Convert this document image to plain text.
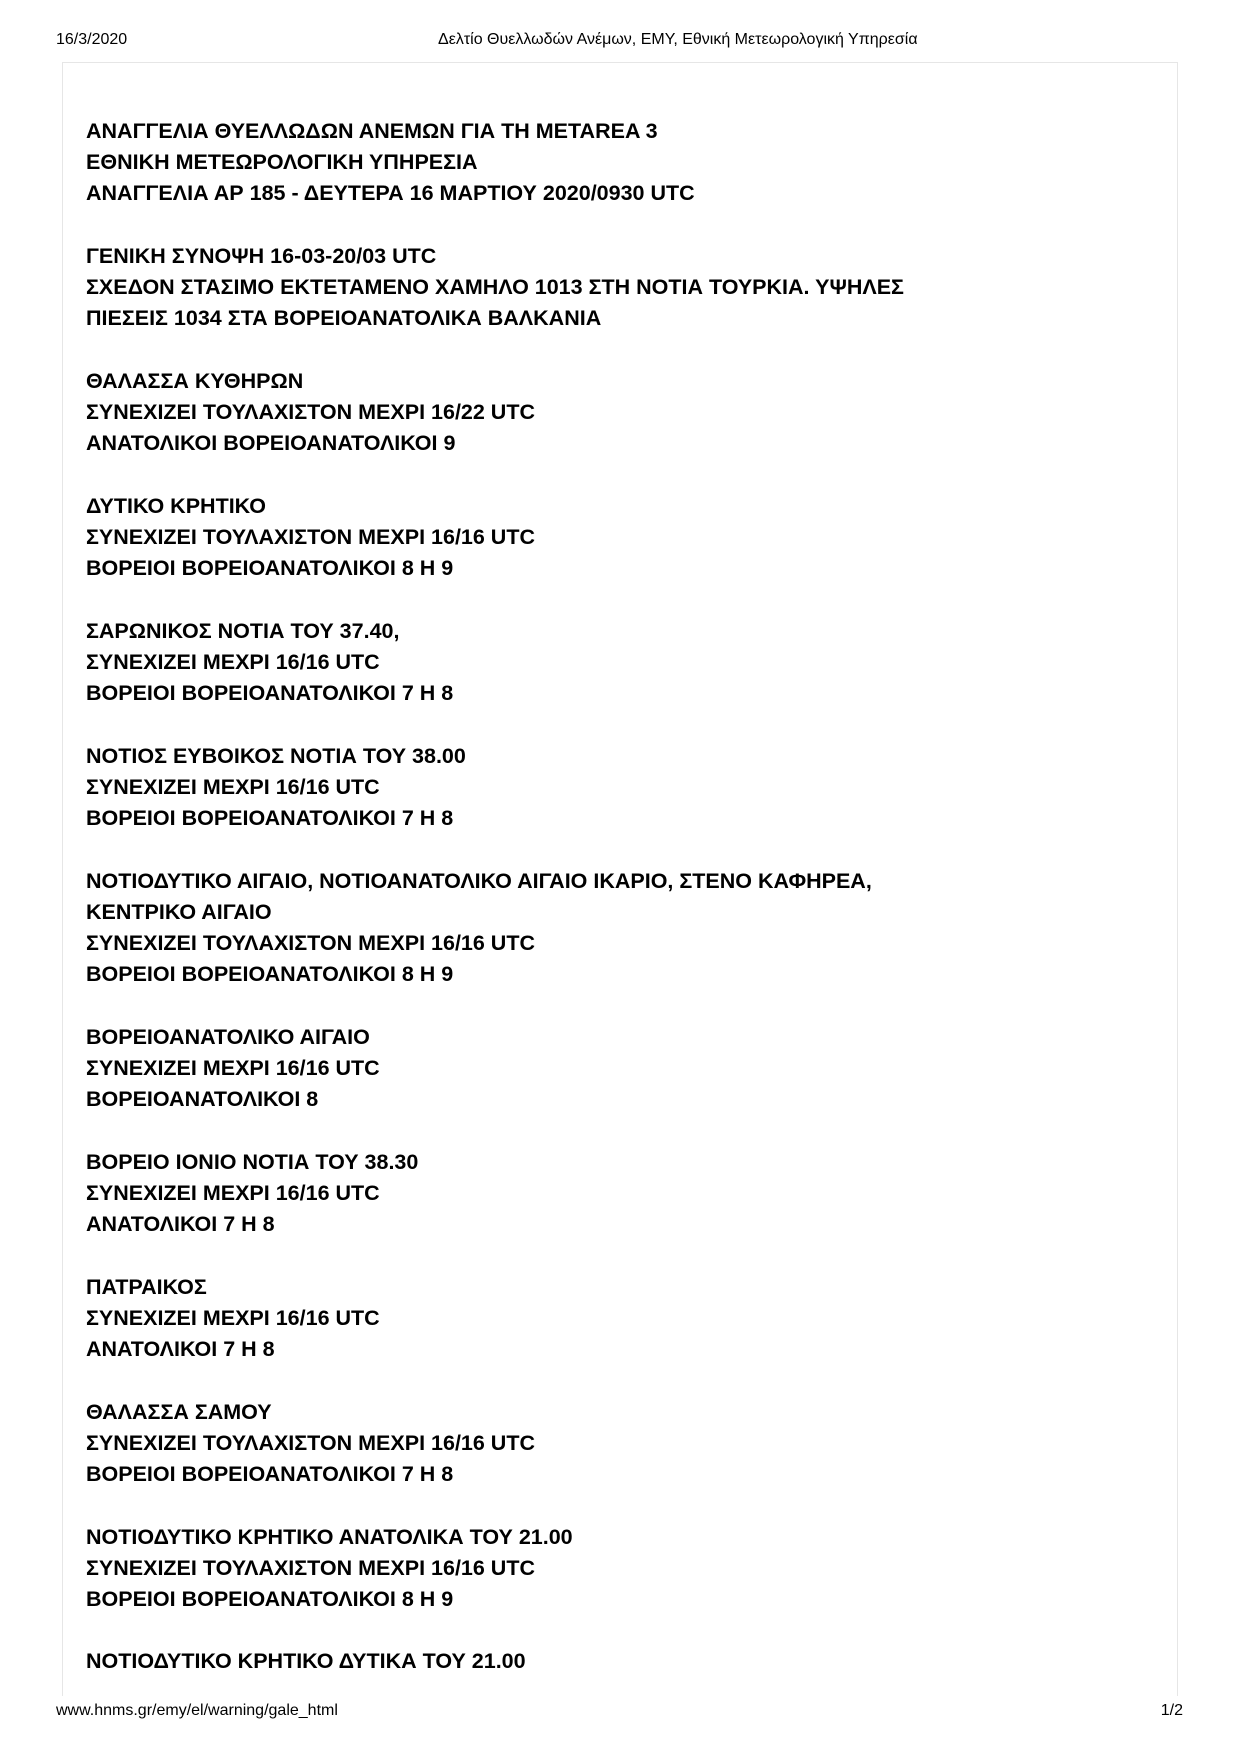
16/3/2020	Δελτίο Θυελλωδών Ανέμων, ΕΜΥ, Εθνική Μετεωρολογική Υπηρεσία
ΑΝΑΓΓΕΛΙΑ ΘΥΕΛΛΩΔΩΝ ΑΝΕΜΩΝ ΓΙΑ ΤΗ METAREA 3
ΕΘΝΙΚΗ ΜΕΤΕΩΡΟΛΟΓΙΚΗ ΥΠΗΡΕΣΙΑ
ΑΝΑΓΓΕΛΙΑ ΑΡ 185 - ΔΕΥΤΕΡΑ 16 ΜΑΡΤΙΟΥ 2020/0930 UTC
ΓΕΝΙΚΗ ΣΥΝΟΨΗ 16-03-20/03 UTC
ΣΧΕΔΟΝ ΣΤΑΣΙΜΟ ΕΚΤΕΤΑΜΕΝΟ ΧΑΜΗΛΟ 1013 ΣΤΗ ΝΟΤΙΑ ΤΟΥΡΚΙΑ. ΥΨΗΛΕΣ
ΠΙΕΣΕΙΣ 1034 ΣΤΑ ΒΟΡΕΙΟΑΝΑΤΟΛΙΚΑ ΒΑΛΚΑΝΙΑ
ΘΑΛΑΣΣΑ ΚΥΘΗΡΩΝ
ΣΥΝΕΧΙΖΕΙ ΤΟΥΛΑΧΙΣΤΟΝ ΜΕΧΡΙ 16/22 UTC
ΑΝΑΤΟΛΙΚΟΙ ΒΟΡΕΙΟΑΝΑΤΟΛΙΚΟΙ 9
ΔΥΤΙΚΟ ΚΡΗΤΙΚΟ
ΣΥΝΕΧΙΖΕΙ ΤΟΥΛΑΧΙΣΤΟΝ ΜΕΧΡΙ 16/16 UTC
ΒΟΡΕΙΟΙ ΒΟΡΕΙΟΑΝΑΤΟΛΙΚΟΙ 8 Η 9
ΣΑΡΩΝΙΚΟΣ ΝΟΤΙΑ ΤΟΥ 37.40,
ΣΥΝΕΧΙΖΕΙ ΜΕΧΡΙ 16/16 UTC
ΒΟΡΕΙΟΙ ΒΟΡΕΙΟΑΝΑΤΟΛΙΚΟΙ 7 Η 8
ΝΟΤΙΟΣ ΕΥΒΟΙΚΟΣ ΝΟΤΙΑ ΤΟΥ 38.00
ΣΥΝΕΧΙΖΕΙ ΜΕΧΡΙ 16/16 UTC
ΒΟΡΕΙΟΙ ΒΟΡΕΙΟΑΝΑΤΟΛΙΚΟΙ 7 Η 8
ΝΟΤΙΟΔΥΤΙΚΟ ΑΙΓΑΙΟ, ΝΟΤΙΟΑΝΑΤΟΛΙΚΟ ΑΙΓΑΙΟ ΙΚΑΡΙΟ, ΣΤΕΝΟ ΚΑΦΗΡΕΑ,
ΚΕΝΤΡΙΚΟ ΑΙΓΑΙΟ
ΣΥΝΕΧΙΖΕΙ ΤΟΥΛΑΧΙΣΤΟΝ ΜΕΧΡΙ 16/16 UTC
ΒΟΡΕΙΟΙ ΒΟΡΕΙΟΑΝΑΤΟΛΙΚΟΙ 8 Η 9
ΒΟΡΕΙΟΑΝΑΤΟΛΙΚΟ ΑΙΓΑΙΟ
ΣΥΝΕΧΙΖΕΙ ΜΕΧΡΙ 16/16 UTC
ΒΟΡΕΙΟΑΝΑΤΟΛΙΚΟΙ 8
ΒΟΡΕΙΟ ΙΟΝΙΟ ΝΟΤΙΑ ΤΟΥ 38.30
ΣΥΝΕΧΙΖΕΙ ΜΕΧΡΙ 16/16 UTC
ΑΝΑΤΟΛΙΚΟΙ 7 Η 8
ΠΑΤΡΑΙΚΟΣ
ΣΥΝΕΧΙΖΕΙ ΜΕΧΡΙ 16/16 UTC
ΑΝΑΤΟΛΙΚΟΙ 7 Η 8
ΘΑΛΑΣΣΑ ΣΑΜΟΥ
ΣΥΝΕΧΙΖΕΙ ΤΟΥΛΑΧΙΣΤΟΝ ΜΕΧΡΙ 16/16 UTC
ΒΟΡΕΙΟΙ ΒΟΡΕΙΟΑΝΑΤΟΛΙΚΟΙ 7 Η 8
ΝΟΤΙΟΔΥΤΙΚΟ ΚΡΗΤΙΚΟ ΑΝΑΤΟΛΙΚΑ ΤΟΥ 21.00
ΣΥΝΕΧΙΖΕΙ ΤΟΥΛΑΧΙΣΤΟΝ ΜΕΧΡΙ 16/16 UTC
ΒΟΡΕΙΟΙ ΒΟΡΕΙΟΑΝΑΤΟΛΙΚΟΙ 8 Η 9
ΝΟΤΙΟΔΥΤΙΚΟ ΚΡΗΤΙΚΟ ΔΥΤΙΚΑ ΤΟΥ 21.00
www.hnms.gr/emy/el/warning/gale_html	1/2
